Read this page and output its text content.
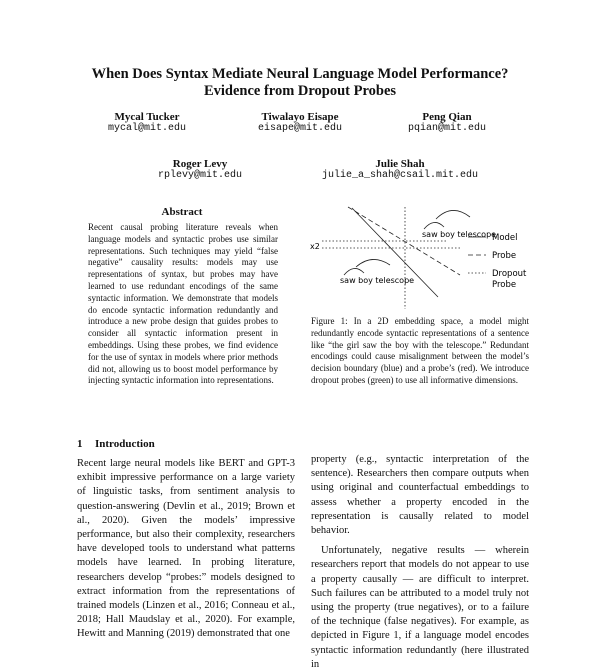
When Does Syntax Mediate Neural Language Model Performance?
Evidence from Dropout Probes
Mycal Tucker
mycal@mit.edu
Tiwalayo Eisape
eisape@mit.edu
Peng Qian
pqian@mit.edu
Roger Levy
rplevy@mit.edu
Julie Shah
julie_a_shah@csail.mit.edu
Abstract
Recent causal probing literature reveals when language models and syntactic probes use similar representations. Such techniques may yield “false negative” causality results: models may use representations of syntax, but probes may have learned to use redundant encodings of the same syntactic information. We demonstrate that models do encode syntactic information redundantly and introduce a new probe design that guides probes to consider all syntactic information present in embeddings. Using these probes, we find evidence for the use of syntax in models where prior methods did not, allowing us to boost model performance by injecting syntactic information into representations.
1 Introduction
Recent large neural models like BERT and GPT-3 exhibit impressive performance on a large variety of linguistic tasks, from sentiment analysis to question-answering (Devlin et al., 2019; Brown et al., 2020). Given the models’ impressive performance, but also their complexity, researchers have developed tools to understand what patterns models have learned. In probing literature, researchers develop “probes:” models designed to extract information from the representations of trained models (Linzen et al., 2016; Conneau et al., 2018; Hall Maudslay et al., 2020). For example, Hewitt and Manning (2019) demonstrated that one

property (e.g., syntactic interpretation of the sentence). Researchers then compare outputs when using original and counterfactual embeddings to assess whether a property encoded in the representation is causally related to model behavior.

Unfortunately, negative results — wherein researchers report that models do not appear to use a property causally — are difficult to interpret. Such failures can be attributed to a model truly not using the property (true negatives), or to a failure of the technique (false negatives). For example, as depicted in Figure 1, if a language model encodes syntactic information redundantly (here illustrated in

x2
saw boy telescope
saw boy telescope
Model
Probe
Dropout Probe
Figure 1: In a 2D embedding space, a model might redundantly encode syntactic representations of a sentence like “the girl saw the boy with the telescope.” Redundant encodings could cause misalignment between the model’s decision boundary (blue) and a probe’s (red). We introduce dropout probes (green) to use all informative dimensions.
